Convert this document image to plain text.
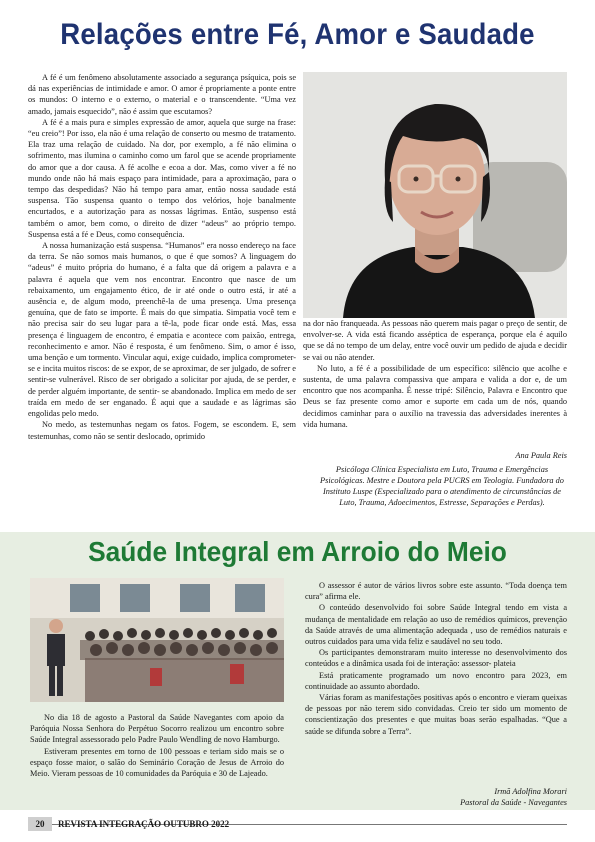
Relações entre Fé, Amor e Saudade

A fé é um fenômeno absolutamente associado a segurança psíquica, pois se dá nas experiências de intimidade e amor. O amor é propriamente a ponte entre os mundos: O interno e o externo, o material e o transcendente. “Uma vez amado, jamais esquecido”, não é assim que escutamos?

A fé é a mais pura e simples expressão de amor, aquela que surge na frase: “eu creio”! Por isso, ela não é uma relação de conserto ou mesmo de tratamento. Ela traz uma relação de cuidado. Na dor, por exemplo, a fé não elimina o sofrimento, mas ilumina o caminho como um farol que se acende propriamente do amor que a dor causa. A fé acolhe e ecoa a dor. Mas, como viver a fé no mundo onde não há mais espaço para intimidade, para a aproximação, para o tempo das despedidas? Não há tempo para amar, então nossa saudade está suspensa. Tão suspensa quanto o tempo dos velórios, hoje banalmente encurtados, e a autorização para as nossas lágrimas. Então, suspenso está também o amor, bem como, o direito de dizer “adeus” ao próprio tempo. Suspensa está a fé e Deus, como consequência.

A nossa humanização está suspensa. “Humanos” era nosso endereço na face da terra. Se não somos mais humanos, o que é que somos? A linguagem do “adeus” é muito própria do humano, é a falta que dá origem a palavra e a palavra é aquela que vem nos encontrar. Encontro que nasce de um rebaixamento, um engajamento ético, de ir até onde o outro está, ir até a ausência e, de algum modo, preenchê-la de uma presença. Uma presença genuína, que de fato se importe. É mais do que simpatia. Simpatia você tem e não precisa sair do seu lugar para a tê-la, pode ficar onde está. Mas, essa presença é linguagem de encontro, é empatia e acontece com paixão, entrega, reconhecimento e amor. Não é resposta, é um fenômeno. Sim, o amor é isso, uma benção e um tormento. Vincular aqui, exige cuidado, implica comprometer-se e incita muitos riscos: de se expor, de se aproximar, de ser julgado, de sofrer e sentir-se vulnerável. Risco de ser obrigado a solicitar por ajuda, de se perder, e de perder alguém importante, de sentir- se abandonado. Implica em medo de ser traída em medo de ser enganado. É aqui que a saudade e as lágrimas são engolidas pelo medo.

No medo, as testemunhas negam os fatos. Fogem, se escondem. E, sem testemunhas, como não se sentir deslocado, oprimido

na dor não franqueada. As pessoas não querem mais pagar o preço de sentir, de envolver-se. A vida está ficando asséptica de esperança, porque ela é aquilo que se dá no tempo de um delay, entre você ouvir um pedido de ajuda e decidir se vai ou não atender.

No luto, a fé é a possibilidade de um específico: silêncio que acolhe e sustenta, de uma palavra compassiva que ampara e valida a dor e, de um encontro que nos acompanha. É nesse tripé: Silêncio, Palavra e Encontro que Deus se faz presente como amor e suporte em cada um de nós, quando decidimos caminhar para o auxílio na travessia das adversidades inerentes à vida humana.

Ana Paula Reis
Psicóloga Clínica Especialista em Luto, Trauma e Emergências Psicológicas. Mestre e Doutora pela PUCRS em Teologia. Fundadora do Instituto Luspe (Especializado para o atendimento de circunstâncias de Luto, Trauma, Adoecimentos, Estresse, Separações e Perdas).
Saúde Integral em Arroio do Meio

No dia 18 de agosto a Pastoral da Saúde Navegantes com apoio da Paróquia Nossa Senhora do Perpétuo Socorro realizou um encontro sobre Saúde Integral assessorado pelo Padre Paulo Wendling de novo Hamburgo.

Estiveram presentes em torno de 100 pessoas e teriam sido mais se o espaço fosse maior, o salão do Seminário Coração de Jesus de Arroio do Meio. Vieram pessoas de 10 comunidades da Paróquia e 30 de Lajeado.

O assessor é autor de vários livros sobre este assunto. “Toda doença tem cura” afirma ele.

O conteúdo desenvolvido foi sobre Saúde Integral tendo em vista a mudança de mentalidade em relação ao uso de remédios químicos, prevenção da Saúde através de uma alimentação adequada , uso de remédios naturais e outros cuidados para uma vida feliz e saudável no seu todo.

Os participantes demonstraram muito interesse no desenvolvimento dos conteúdos e a dinâmica usada foi de interação: assessor- plateia

Está praticamente programado um novo encontro para 2023, em continuidade ao assunto abordado.

Várias foram as manifestações positivas após o encontro e vieram queixas de pessoas por não terem sido convidadas. Creio ter sido um momento de conscientização dos presentes e que muitas boas serão espalhadas. “Que a saúde se difunda sobre a Terra”.

Irmã Adolfina Morari
Pastoral da Saúde - Navegantes
20	REVISTA INTEGRAÇÃO OUTUBRO 2022
